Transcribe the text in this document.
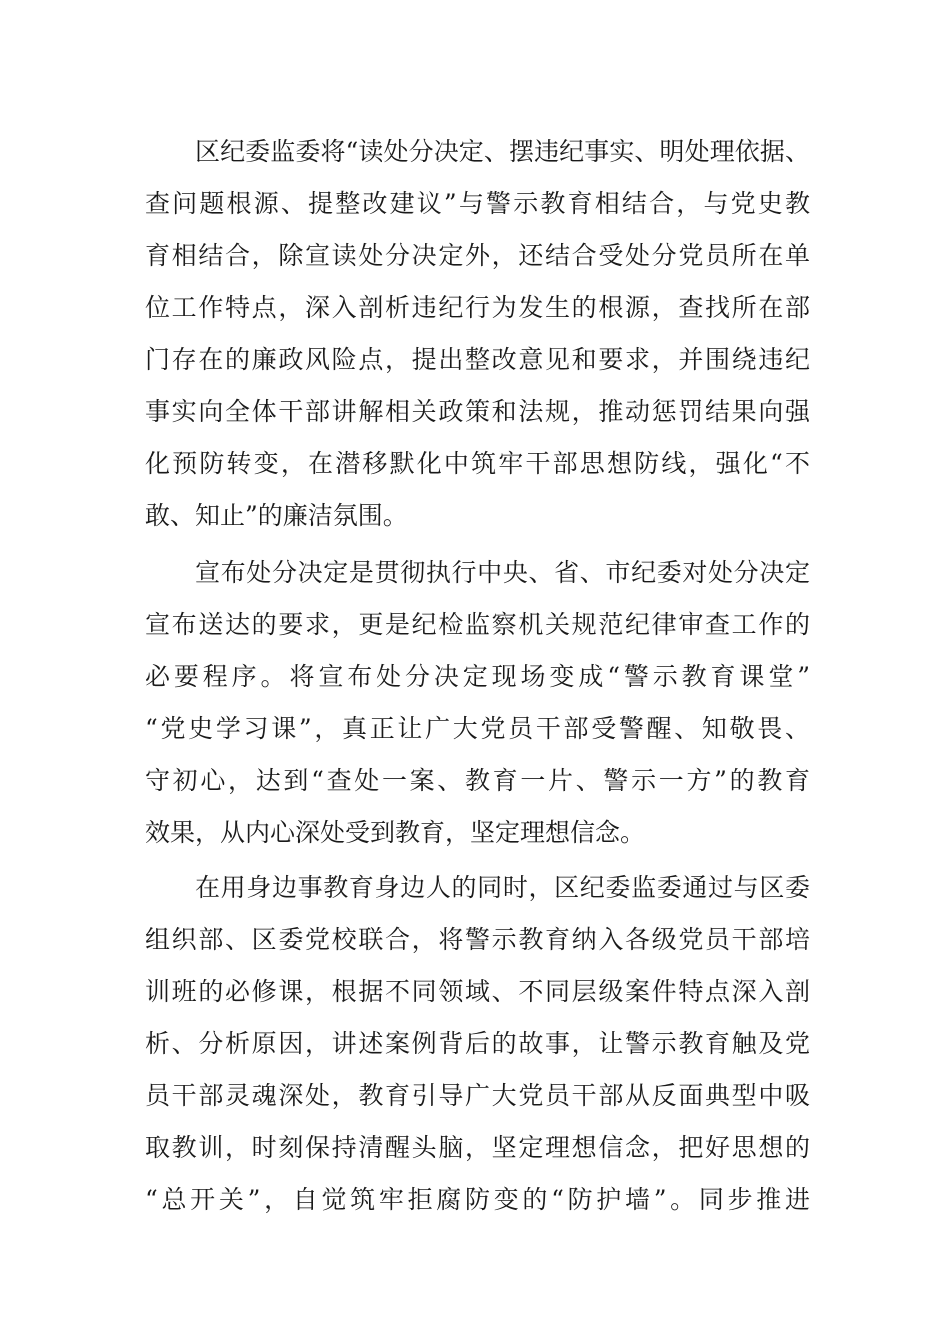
区纪委监委将“读处分决定、摆违纪事实、明处理依据、
查问题根源、提整改建议”与警示教育相结合，与党史教
育相结合，除宣读处分决定外，还结合受处分党员所在单
位工作特点，深入剖析违纪行为发生的根源，查找所在部
门存在的廉政风险点，提出整改意见和要求，并围绕违纪
事实向全体干部讲解相关政策和法规，推动惩罚结果向强
化预防转变，在潜移默化中筑牢干部思想防线，强化“不
敢、知止”的廉洁氛围。
宣布处分决定是贯彻执行中央、省、市纪委对处分决定
宣布送达的要求，更是纪检监察机关规范纪律审查工作的
必要程序。将宣布处分决定现场变成“警示教育课堂”
“党史学习课”，真正让广大党员干部受警醒、知敬畏、
守初心，达到“查处一案、教育一片、警示一方”的教育
效果，从内心深处受到教育，坚定理想信念。
在用身边事教育身边人的同时，区纪委监委通过与区委
组织部、区委党校联合，将警示教育纳入各级党员干部培
训班的必修课，根据不同领域、不同层级案件特点深入剖
析、分析原因，讲述案例背后的故事，让警示教育触及党
员干部灵魂深处，教育引导广大党员干部从反面典型中吸
取教训，时刻保持清醒头脑，坚定理想信念，把好思想的
“总开关”，自觉筑牢拒腐防变的“防护墙”。同步推进
